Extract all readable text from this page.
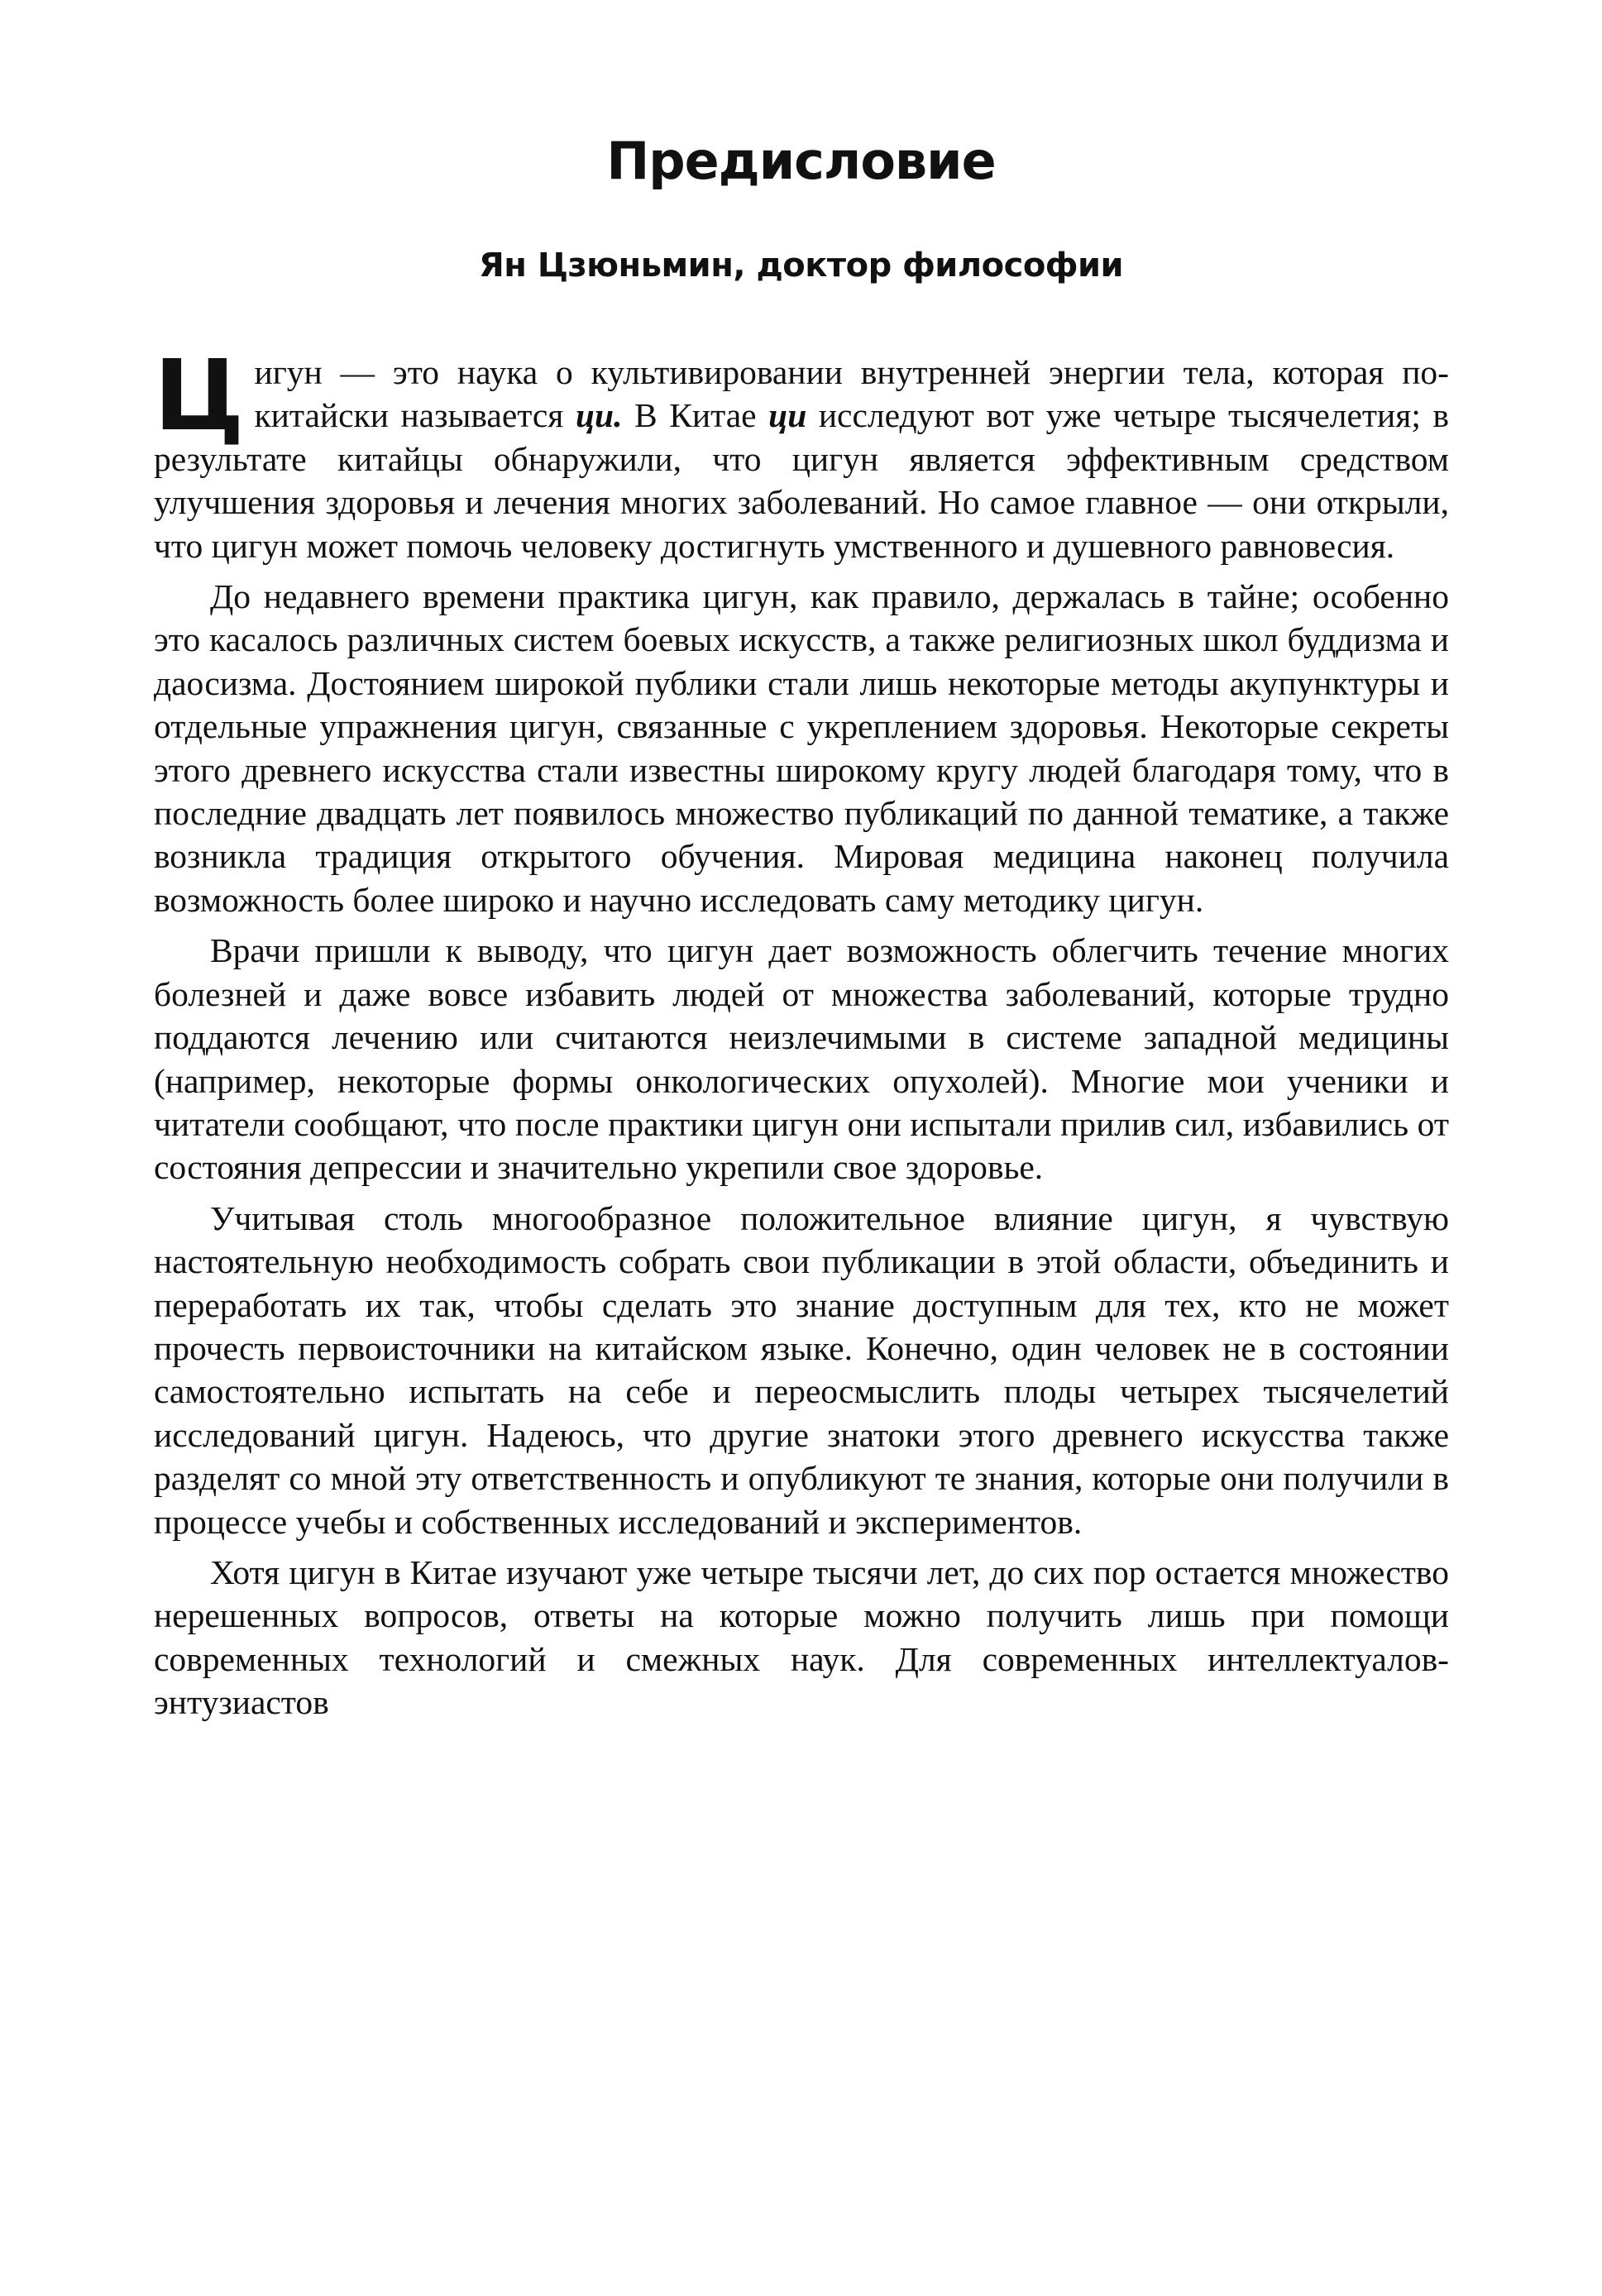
Предисловие
Ян Цзюньмин, доктор философии

Цигун — это наука о культивировании внутренней энергии тела, которая по-китайски называется ци. В Китае ци исследуют вот уже четыре тысячелетия; в результате китайцы обнаружили, что цигун является эффективным средством улучшения здоровья и лечения многих заболеваний. Но самое главное — они открыли, что цигун может помочь человеку достигнуть умственного и душевного равновесия.

До недавнего времени практика цигун, как правило, держалась в тайне; особенно это касалось различных систем боевых искусств, а также религиозных школ буддизма и даосизма. Достоянием широкой публики стали лишь некоторые методы акупунктуры и отдельные упражнения цигун, связанные с укреплением здоровья. Некоторые секреты этого древнего искусства стали известны широкому кругу людей благодаря тому, что в последние двадцать лет появилось множество публикаций по данной тематике, а также возникла традиция открытого обучения. Мировая медицина наконец получила возможность более широко и научно исследовать саму методику цигун.

Врачи пришли к выводу, что цигун дает возможность облегчить течение многих болезней и даже вовсе избавить людей от множества заболеваний, которые трудно поддаются лечению или считаются неизлечимыми в системе западной медицины (например, некоторые формы онкологических опухолей). Многие мои ученики и читатели сообщают, что после практики цигун они испытали прилив сил, избавились от состояния депрессии и значительно укрепили свое здоровье.

Учитывая столь многообразное положительное влияние цигун, я чувствую настоятельную необходимость собрать свои публикации в этой области, объединить и переработать их так, чтобы сделать это знание доступным для тех, кто не может прочесть первоисточники на китайском языке. Конечно, один человек не в состоянии самостоятельно испытать на себе и переосмыслить плоды четырех тысячелетий исследований цигун. Надеюсь, что другие знатоки этого древнего искусства также разделят со мной эту ответственность и опубликуют те знания, которые они получили в процессе учебы и собственных исследований и экспериментов.

Хотя цигун в Китае изучают уже четыре тысячи лет, до сих пор остается множество нерешенных вопросов, ответы на которые можно получить лишь при помощи современных технологий и смежных наук. Для современных интеллектуалов-энтузиастов
